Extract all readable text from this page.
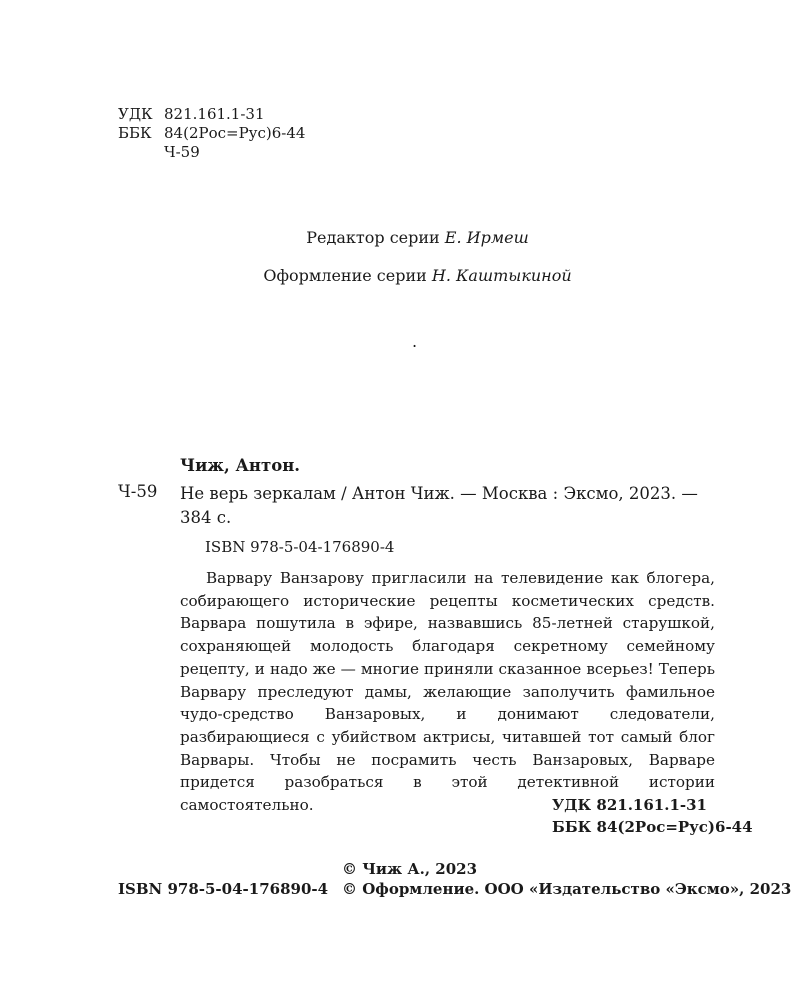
УДК 821.161.1-31
ББК 84(2Рос=Рус)6-44
Ч-59
Редактор серии Е. Ирмеш
Оформление серии Н. Каштыкиной
.
Чиж, Антон.
Ч-59 Не верь зеркалам / Антон Чиж. — Москва : Эксмо, 2023. — 384 с.

ISBN 978-5-04-176890-4

Варвару Ванзарову пригласили на телевидение как блогера, собирающего исторические рецепты косметических средств. Варвара пошутила в эфире, назвавшись 85-летней старушкой, сохраняющей молодость благодаря секретному семейному рецепту, и надо же — многие приняли сказанное всерьез! Теперь Варвару преследуют дамы, желающие заполучить фамильное чудо-средство Ванзаровых, и донимают следователи, разбирающиеся с убийством актрисы, читавшей тот самый блог Варвары. Чтобы не посрамить честь Ванзаровых, Варваре придется разобраться в этой детективной истории самостоятельно.	УДК 821.161.1-31
ББК 84(2Рос=Рус)6-44
© Чиж А., 2023
ISBN 978-5-04-176890-4 © Оформление. ООО «Издательство «Эксмо», 2023
